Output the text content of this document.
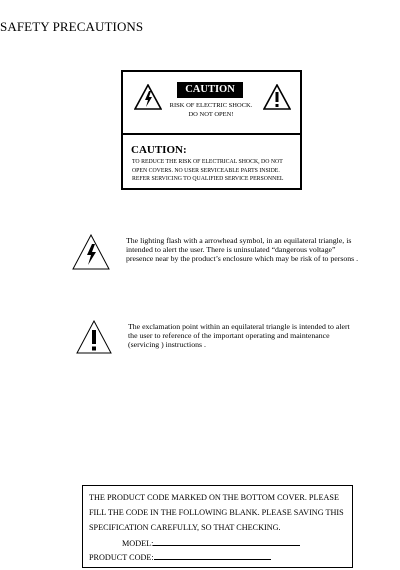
SAFETY PRECAUTIONS
CAUTION
RISK OF ELECTRIC SHOCK. DO NOT OPEN!
CAUTION:
TO REDUCE THE RISK OF ELECTRICAL SHOCK, DO NOT OPEN COVERS. NO USER SERVICEABLE PARTS INSIDE. REFER SERVICING TO QUALIFIED SERVICE PERSONNEL
The lighting flash with a arrowhead symbol, in an equilateral triangle, is intended to alert the user. There is uninsulated “dangerous voltage” presence near by the product’s enclosure which may be risk of to persons .
The exclamation point within an equilateral triangle is intended to alert the user to reference of the important operating and maintenance (servicing ) instructions .
THE PRODUCT CODE MARKED ON THE BOTTOM COVER. PLEASE FILL THE CODE IN THE FOLLOWING BLANK. PLEASE SAVING THIS SPECIFICATION CAREFULLY, SO THAT CHECKING.
MODEL:
PRODUCT CODE:
